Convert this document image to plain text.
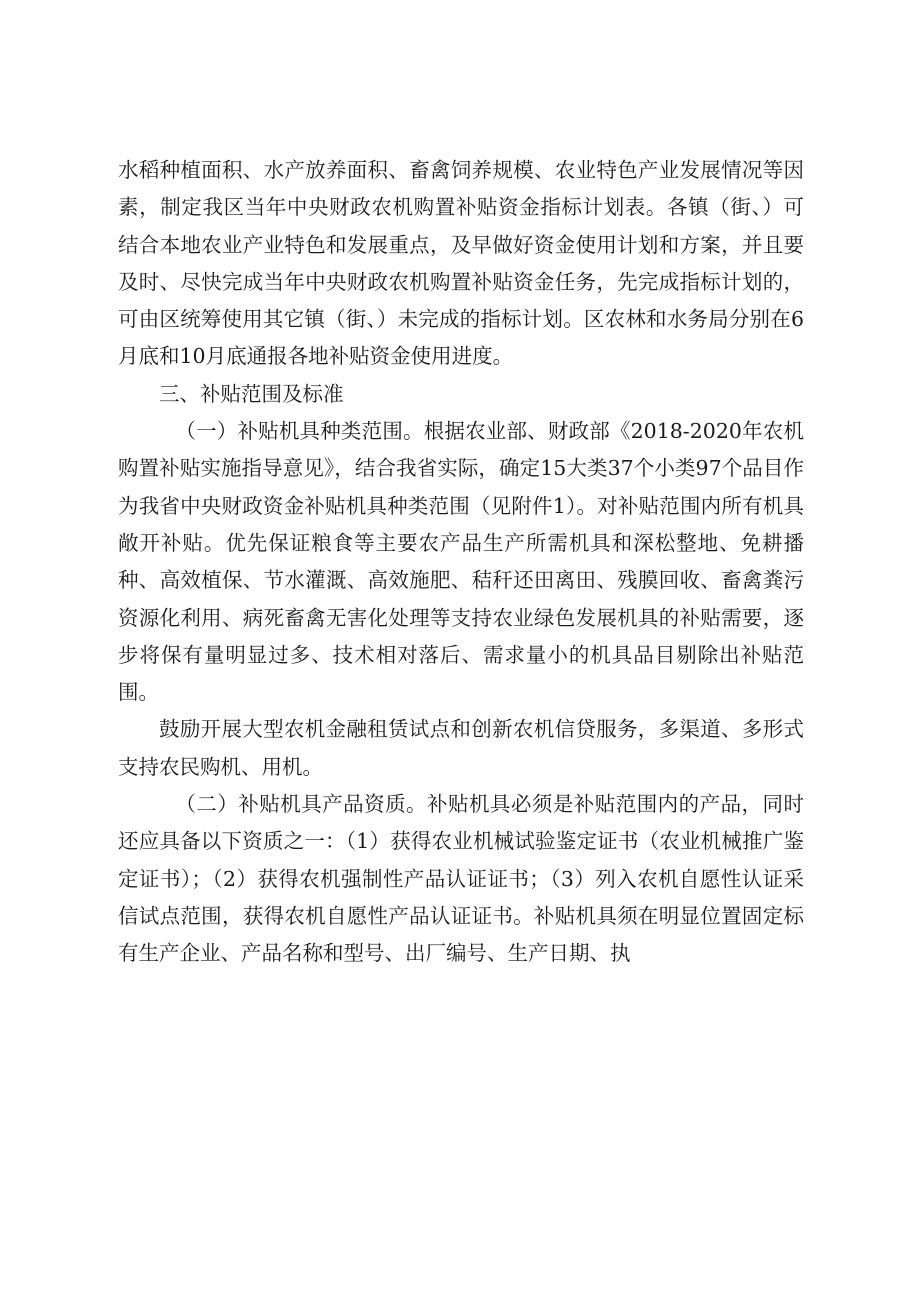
水稻种植面积、水产放养面积、畜禽饲养规模、农业特色产业发展情况等因素，制定我区当年中央财政农机购置补贴资金指标计划表。各镇（街、）可结合本地农业产业特色和发展重点，及早做好资金使用计划和方案，并且要及时、尽快完成当年中央财政农机购置补贴资金任务，先完成指标计划的，可由区统筹使用其它镇（街、）未完成的指标计划。区农林和水务局分别在6月底和10月底通报各地补贴资金使用进度。

三、补贴范围及标准

（一）补贴机具种类范围。根据农业部、财政部《2018-2020年农机购置补贴实施指导意见》，结合我省实际，确定15大类37个小类97个品目作为我省中央财政资金补贴机具种类范围（见附件1）。对补贴范围内所有机具敞开补贴。优先保证粮食等主要农产品生产所需机具和深松整地、免耕播种、高效植保、节水灌溉、高效施肥、秸秆还田离田、残膜回收、畜禽粪污资源化利用、病死畜禽无害化处理等支持农业绿色发展机具的补贴需要，逐步将保有量明显过多、技术相对落后、需求量小的机具品目剔除出补贴范围。

鼓励开展大型农机金融租赁试点和创新农机信贷服务，多渠道、多形式支持农民购机、用机。

（二）补贴机具产品资质。补贴机具必须是补贴范围内的产品，同时还应具备以下资质之一：（1）获得农业机械试验鉴定证书（农业机械推广鉴定证书）；（2）获得农机强制性产品认证证书；（3）列入农机自愿性认证采信试点范围，获得农机自愿性产品认证证书。补贴机具须在明显位置固定标有生产企业、产品名称和型号、出厂编号、生产日期、执
